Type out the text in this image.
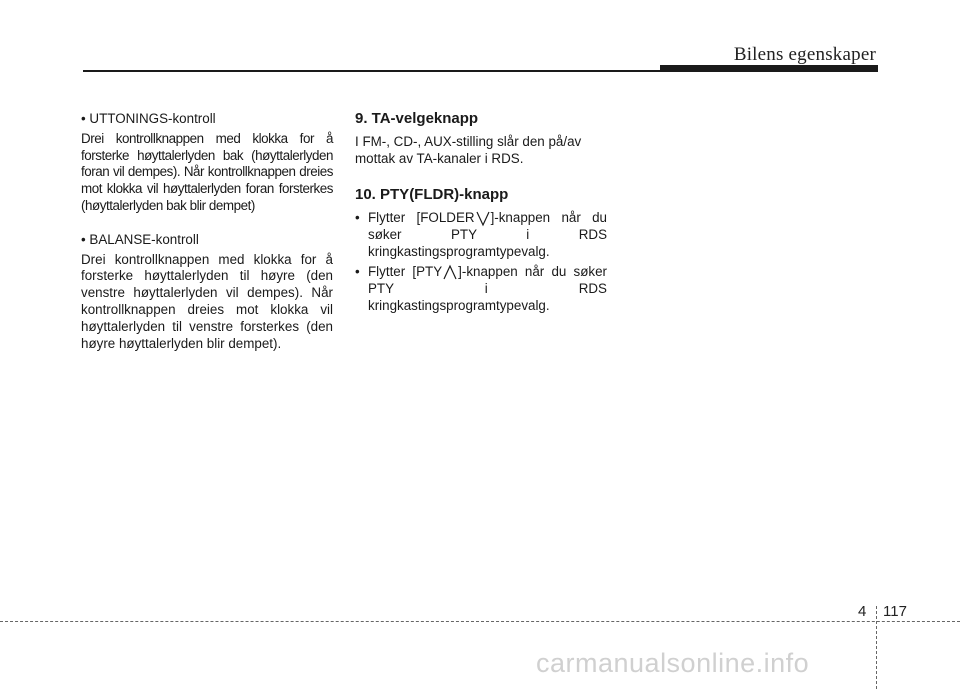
Bilens egenskaper

• UTTONINGS-kontroll

Drei kontrollknappen med klokka for å forsterke høyttalerlyden bak (høyttalerlyden foran vil dempes). Når kontrollknappen dreies mot klokka vil høyttalerlyden foran forsterkes (høyttalerlyden bak blir dempet)

• BALANSE-kontroll

Drei kontrollknappen med klokka for å forsterke høyttalerlyden til høyre (den venstre høyttalerlyden vil dempes). Når kontrollknappen dreies mot klokka vil høyttalerlyden til venstre forsterkes (den høyre høyttalerlyden blir dempet).

9. TA-velgeknapp

I FM-, CD-, AUX-stilling slår den på/av mottak av TA-kanaler i RDS.

10. PTY(FLDR)-knapp

• Flytter [FOLDER ]-knappen når du søker PTY i RDS kringkastingsprogramtypevalg.
• Flytter [PTY ]-knappen når du søker PTY i RDS kringkastingsprogramtypevalg.
4 117
carmanualsonline.info
